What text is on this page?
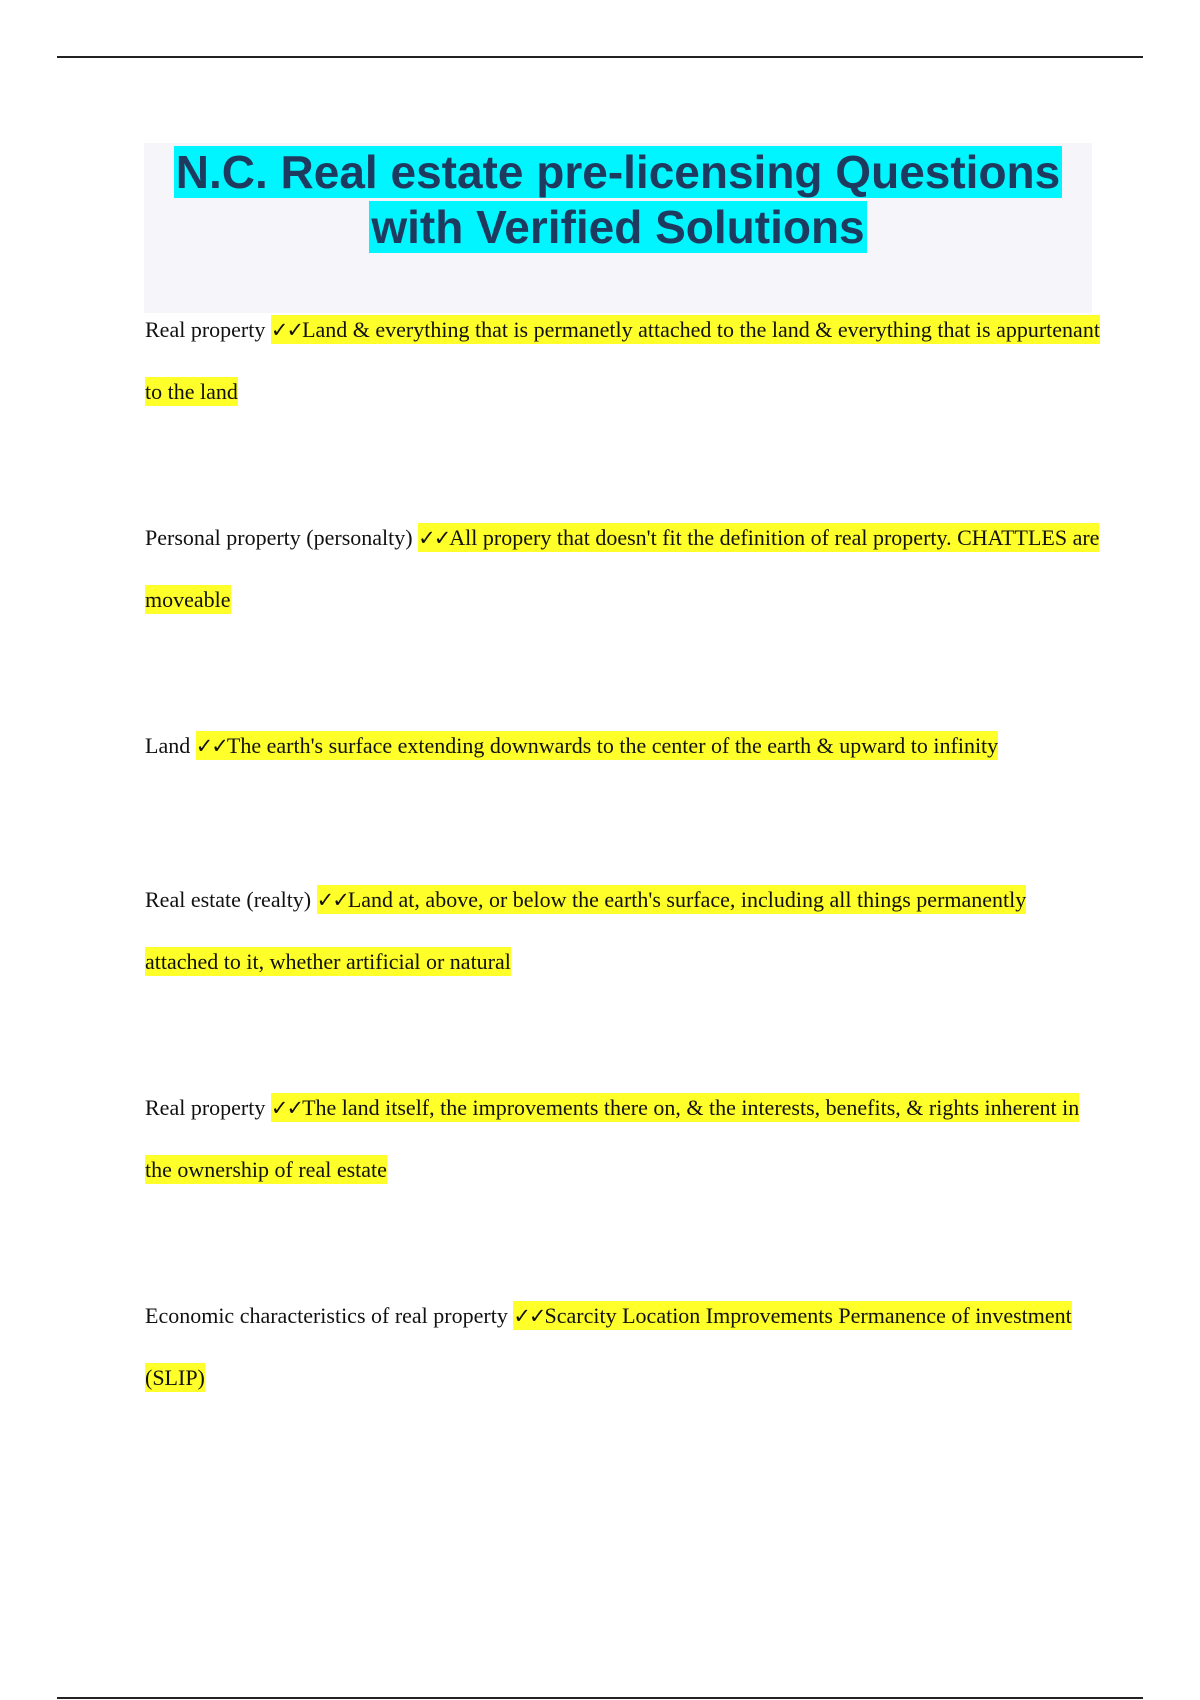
N.C. Real estate pre-licensing Questions
with Verified Solutions

Real property ✓✓Land & everything that is permanetly attached to the land & everything that is appurtenant to the land

Personal property (personalty) ✓✓All propery that doesn't fit the definition of real property. CHATTLES are moveable

Land ✓✓The earth's surface extending downwards to the center of the earth & upward to infinity

Real estate (realty) ✓✓Land at, above, or below the earth's surface, including all things permanently attached to it, whether artificial or natural

Real property ✓✓The land itself, the improvements there on, & the interests, benefits, & rights inherent in the ownership of real estate

Economic characteristics of real property ✓✓Scarcity Location Improvements Permanence of investment (SLIP)
